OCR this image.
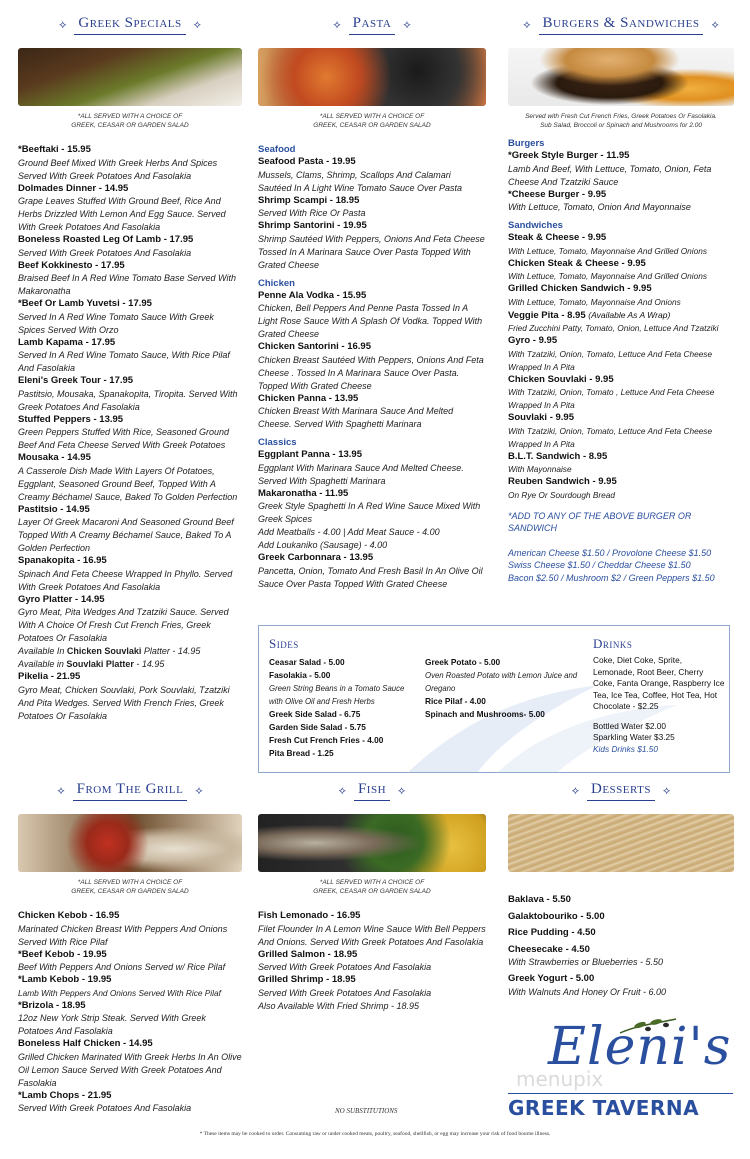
⟡ Greek Specials	⟡
*ALL SERVED WITH A CHOICE OF
GREEK, CEASAR OR GARDEN SALAD
*Beeftaki - 15.95
Ground Beef Mixed With Greek Herbs And Spices Served With Greek Potatoes And Fasolakia
Dolmades Dinner - 14.95
Grape Leaves Stuffed With Ground Beef, Rice And Herbs Drizzled With Lemon And Egg Sauce. Served With Greek Potatoes And Fasolakia
Boneless Roasted Leg Of Lamb - 17.95
Served With Greek Potatoes And Fasolakia
Beef Kokkinesto - 17.95
Braised Beef In A Red Wine Tomato Base Served With Makaronatha
*Beef Or Lamb Yuvetsi - 17.95
Served In A Red Wine Tomato Sauce With Greek Spices Served With Orzo
Lamb Kapama - 17.95
Served In A Red Wine Tomato Sauce, With Rice Pilaf And Fasolakia
Eleni's Greek Tour - 17.95
Pastitsio, Mousaka, Spanakopita, Tiropita. Served With Greek Potatoes And Fasolakia
Stuffed Peppers - 13.95
Green Peppers Stuffed With Rice, Seasoned Ground Beef And Feta Cheese Served With Greek Potatoes
Mousaka - 14.95
A Casserole Dish Made With Layers Of Potatoes, Eggplant, Seasoned Ground Beef, Topped With A Creamy Béchamel Sauce, Baked To Golden Perfection
Pastitsio - 14.95
Layer Of Greek Macaroni And Seasoned Ground Beef Topped With A Creamy Béchamel Sauce, Baked To A Golden Perfection
Spanakopita - 16.95
Spinach And Feta Cheese Wrapped In Phyllo. Served With Greek Potatoes And Fasolakia
Gyro Platter - 14.95
Gyro Meat, Pita Wedges And Tzatziki Sauce. Served With A Choice Of Fresh Cut French Fries, Greek Potatoes Or Fasolakia
Available In Chicken Souvlaki Platter - 14.95
Available in Souvlaki Platter - 14.95
Pikelia - 21.95
Gyro Meat, Chicken Souvlaki, Pork Souvlaki, Tzatziki And Pita Wedges. Served With French Fries, Greek Potatoes Or Fasolakia
⟡ Pasta	⟡
*ALL SERVED WITH A CHOICE OF
GREEK, CEASAR OR GARDEN SALAD
Seafood
Seafood Pasta - 19.95
Mussels, Clams, Shrimp, Scallops And Calamari Sautéed In A Light Wine Tomato Sauce Over Pasta
Shrimp Scampi - 18.95
Served With Rice Or Pasta
Shrimp Santorini - 19.95
Shrimp Sautéed With Peppers, Onions And Feta Cheese Tossed In A Marinara Sauce Over Pasta Topped With Grated Cheese
Chicken
Penne Ala Vodka - 15.95
Chicken, Bell Peppers And Penne Pasta Tossed In A Light Rose Sauce With A Splash Of Vodka. Topped With Grated Cheese
Chicken Santorini - 16.95
Chicken Breast Sautéed With Peppers, Onions And Feta Cheese . Tossed In A Marinara Sauce Over Pasta. Topped With Grated Cheese
Chicken Panna - 13.95
Chicken Breast With Marinara Sauce And Melted Cheese. Served With Spaghetti Marinara
Classics
Eggplant Panna - 13.95
Eggplant With Marinara Sauce And Melted Cheese. Served With Spaghetti Marinara
Makaronatha - 11.95
Greek Style Spaghetti In A Red Wine Sauce Mixed With Greek Spices
Add Meatballs - 4.00 | Add Meat Sauce - 4.00
Add Loukaniko (Sausage) - 4.00
Greek Carbonnara - 13.95
Pancetta, Onion, Tomato And Fresh Basil In An Olive Oil Sauce Over Pasta Topped With Grated Cheese
⟡ Burgers & Sandwiches	⟡
Served with Fresh Cut French Fries, Greek Potatoes Or Fasolakia.
Sub Salad, Broccoli or Spinach and Mushrooms for 2.00
Burgers
*Greek Style Burger - 11.95
Lamb And Beef, With Lettuce, Tomato, Onion, Feta Cheese And Tzatziki Sauce
*Cheese Burger - 9.95
With Lettuce, Tomato, Onion And Mayonnaise
Sandwiches
Steak & Cheese - 9.95
With Lettuce, Tomato, Mayonnaise And Grilled Onions
Chicken Steak & Cheese - 9.95
With Lettuce, Tomato, Mayonnaise And Grilled Onions
Grilled Chicken Sandwich - 9.95
With Lettuce, Tomato, Mayonnaise And Onions
Veggie Pita - 8.95 (Available As A Wrap)
Fried Zucchini Patty, Tomato, Onion, Lettuce And Tzatziki
Gyro - 9.95
With Tzatziki, Onion, Tomato, Lettuce And Feta Cheese Wrapped In A Pita
Chicken Souvlaki - 9.95
With Tzatziki, Onion, Tomato , Lettuce And Feta Cheese Wrapped In A Pita
Souvlaki - 9.95
With Tzatziki, Onion, Tomato, Lettuce And Feta Cheese Wrapped In A Pita
B.L.T. Sandwich - 8.95
With Mayonnaise
Reuben Sandwich - 9.95
On Rye Or Sourdough Bread
*ADD TO ANY OF THE ABOVE BURGER OR SANDWICH
American Cheese $1.50 / Provolone Cheese $1.50
Swiss Cheese $1.50 / Cheddar Cheese $1.50
Bacon $2.50 / Mushroom $2 / Green Peppers $1.50
Sides
Ceasar Salad - 5.00
Fasolakia - 5.00
Green String Beans in a Tomato Sauce with Olive Oil and Fresh Herbs
Greek Side Salad - 6.75
Garden Side Salad - 5.75
Fresh Cut French Fries - 4.00
Pita Bread - 1.25
Greek Potato - 5.00
Oven Roasted Potato with Lemon Juice and Oregano
Rice Pilaf - 4.00
Spinach and Mushrooms- 5.00
Drinks
Coke, Diet Coke, Sprite, Lemonade, Root Beer, Cherry Coke, Fanta Orange, Raspberry Ice Tea, Ice Tea, Coffee, Hot Tea, Hot Chocolate - $2.25
Bottled Water $2.00
Sparkling Water $3.25
Kids Drinks $1.50
⟡ From The Grill	⟡
*ALL SERVED WITH A CHOICE OF
GREEK, CEASAR OR GARDEN SALAD
Chicken Kebob - 16.95
Marinated Chicken Breast With Peppers And Onions Served With Rice Pilaf
*Beef Kebob - 19.95
Beef With Peppers And Onions Served w/ Rice Pilaf
*Lamb Kebob - 19.95
Lamb With Peppers And Onions Served With Rice Pilaf
*Brizola - 18.95
12oz New York Strip Steak. Served With Greek Potatoes And Fasolakia
Boneless Half Chicken - 14.95
Grilled Chicken Marinated With Greek Herbs In An Olive Oil Lemon Sauce Served With Greek Potatoes And Fasolakia
*Lamb Chops - 21.95
Served With Greek Potatoes And Fasolakia
⟡ Fish	⟡
*ALL SERVED WITH A CHOICE OF
GREEK, CEASAR OR GARDEN SALAD
Fish Lemonado - 16.95
Filet Flounder In A Lemon Wine Sauce With Bell Peppers And Onions. Served With Greek Potatoes And Fasolakia
Grilled Salmon - 18.95
Served With Greek Potatoes And Fasolakia
Grilled Shrimp - 18.95
Served With Greek Potatoes And Fasolakia
Also Available With Fried Shrimp - 18.95
⟡ Desserts	⟡
Baklava - 5.50
Galaktobouriko - 5.00
Rice Pudding - 4.50
Cheesecake - 4.50
With Strawberries or Blueberries - 5.50
Greek Yogurt - 5.00
With Walnuts And Honey Or Fruit - 6.00
Eleni's
menupix
GREEK TAVERNA
NO SUBSTITUTIONS
* These items may be cooked to order. Consuming raw or under cooked meats, poultry, seafood, shellfish, or egg may increase your risk of food bourne illness.
